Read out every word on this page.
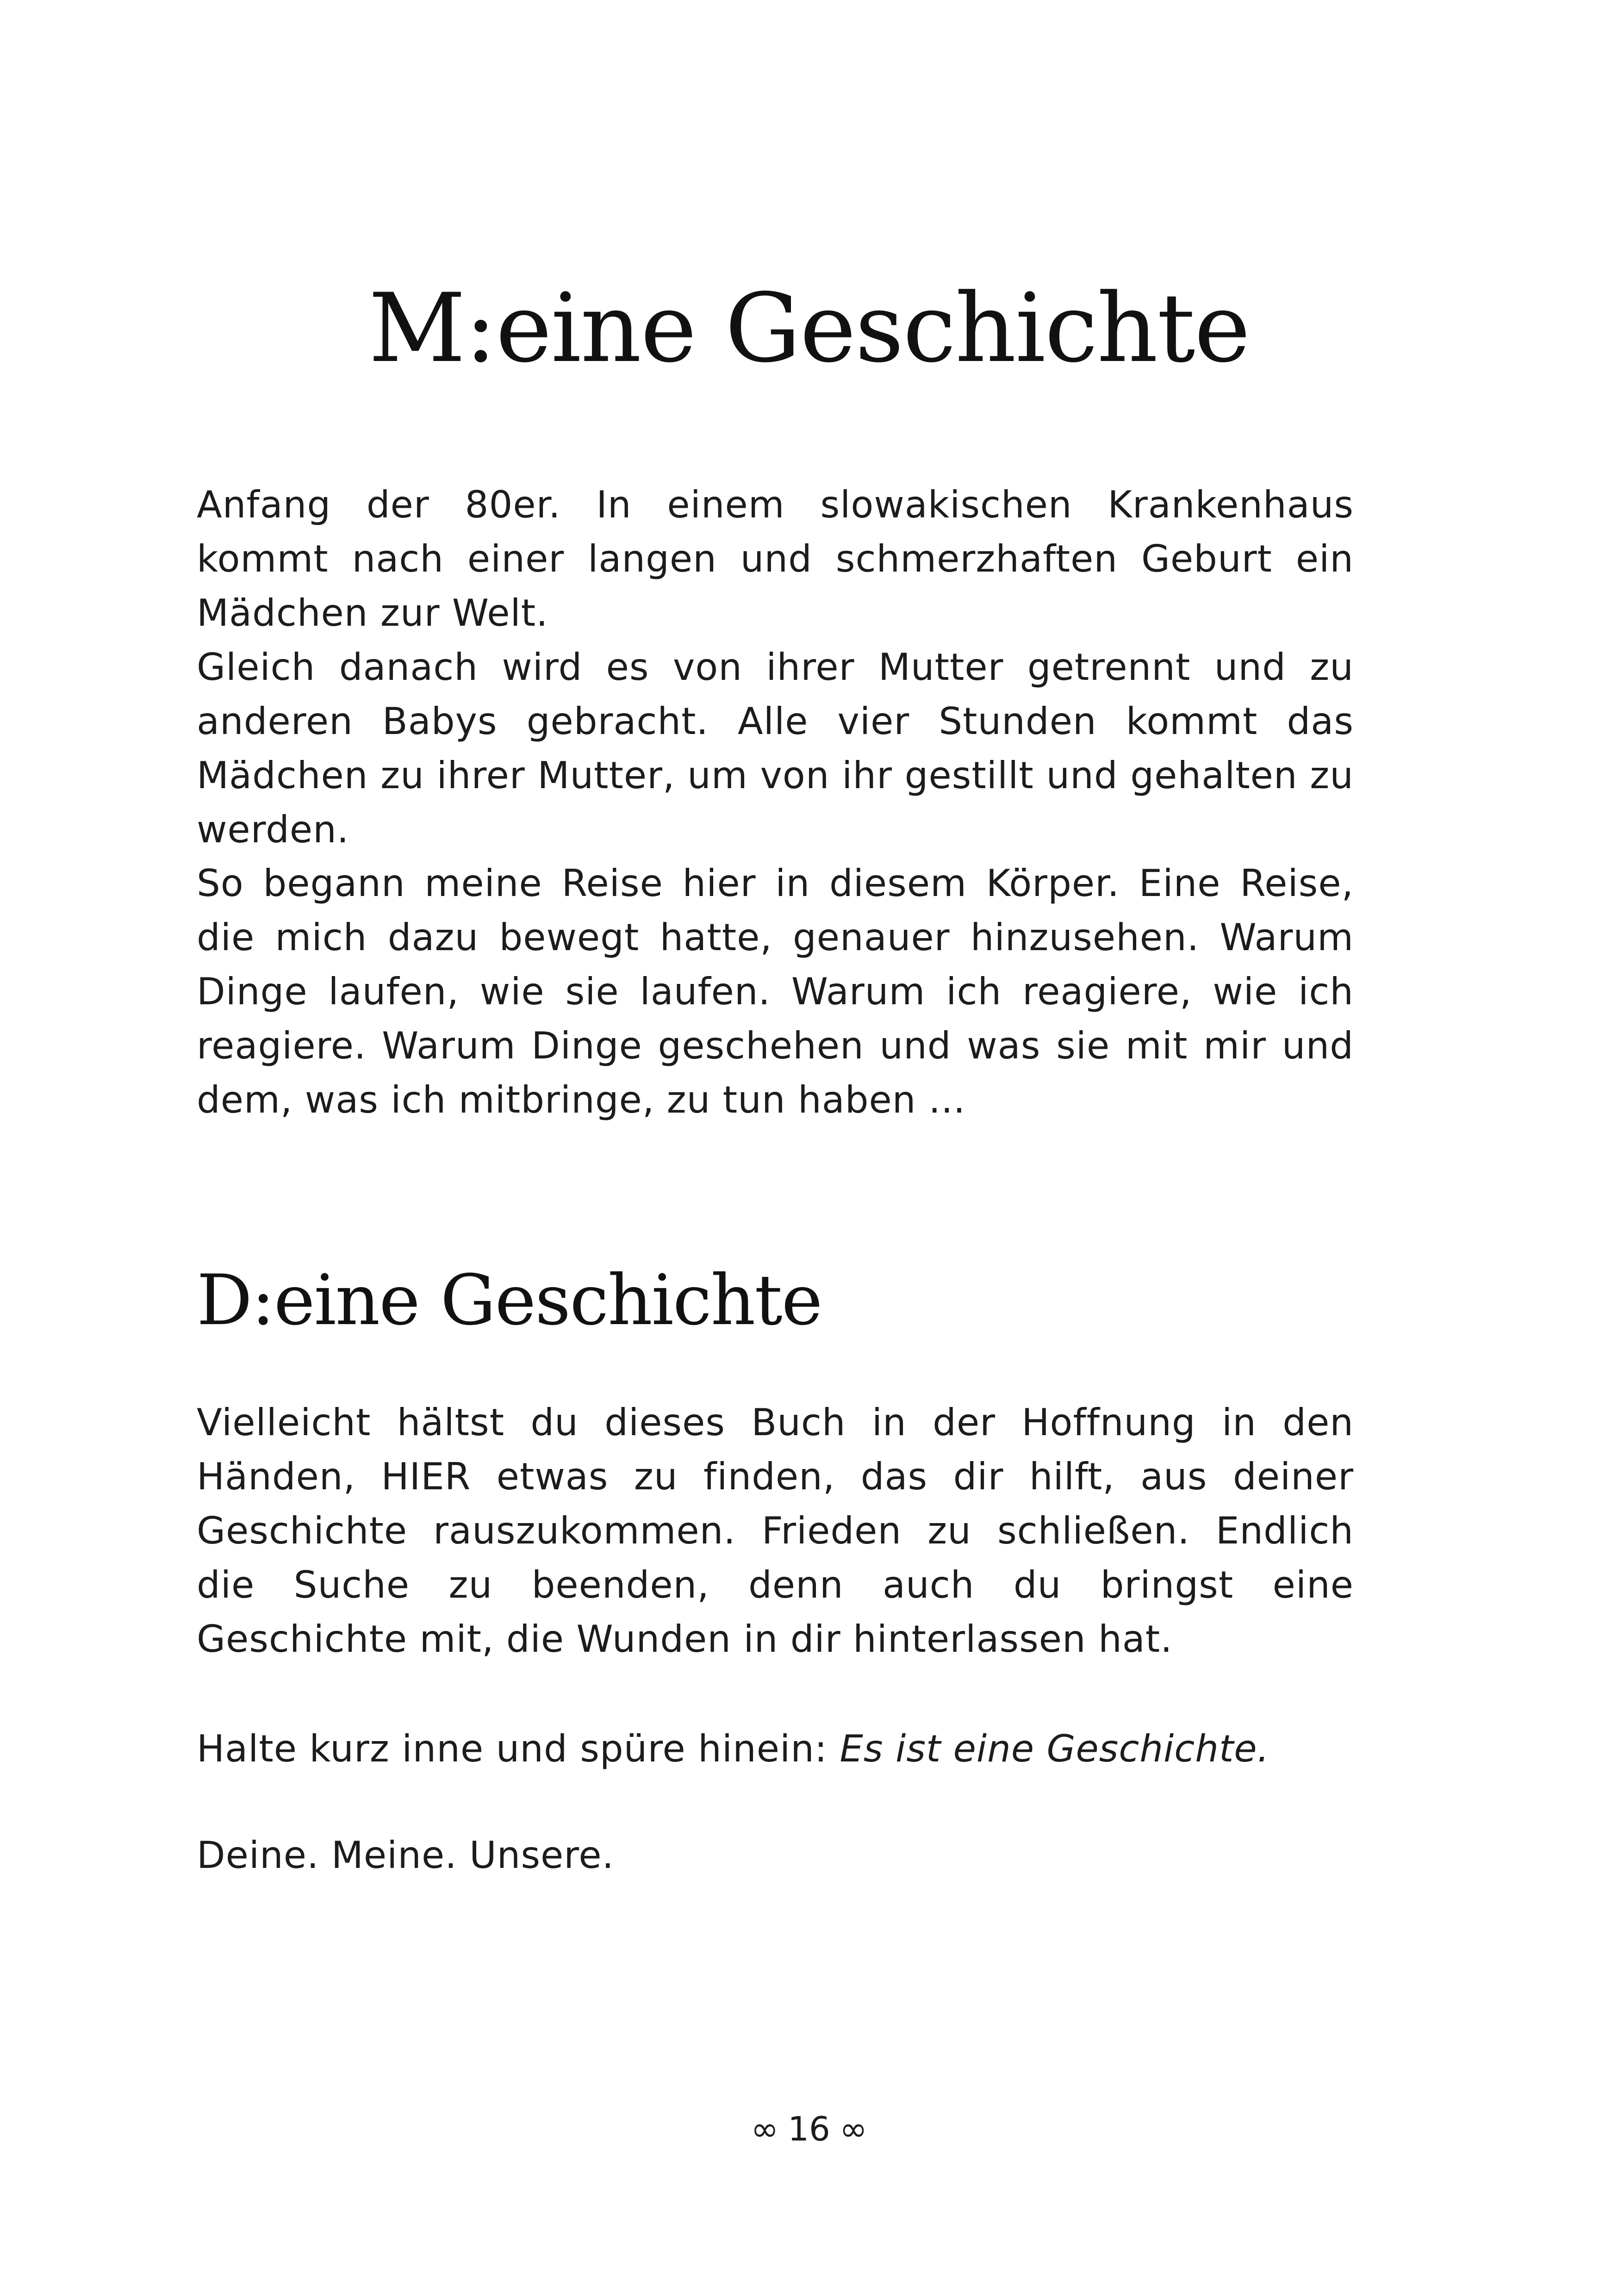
M:eine Geschichte
Anfang der 80er. In einem slowakischen Krankenhaus kommt nach einer langen und schmerzhaften Geburt ein Mädchen zur Welt.
Gleich danach wird es von ihrer Mutter getrennt und zu anderen Babys gebracht. Alle vier Stunden kommt das Mädchen zu ihrer Mutter, um von ihr gestillt und gehalten zu werden.

So begann meine Reise hier in diesem Körper. Eine Reise, die mich dazu bewegt hatte, genauer hinzusehen. Warum Dinge laufen, wie sie laufen. Warum ich reagiere, wie ich reagiere. Warum Dinge geschehen und was sie mit mir und dem, was ich mitbringe, zu tun haben …

D:eine Geschichte

Vielleicht hältst du dieses Buch in der Hoffnung in den Händen, HIER etwas zu finden, das dir hilft, aus deiner Geschichte rauszukommen. Frieden zu schließen. Endlich die Suche zu beenden, denn auch du bringst eine Geschichte mit, die Wunden in dir hinterlassen hat.

Halte kurz inne und spüre hinein: Es ist eine Geschichte.

Deine. Meine. Unsere.

∞ 16 ∞
